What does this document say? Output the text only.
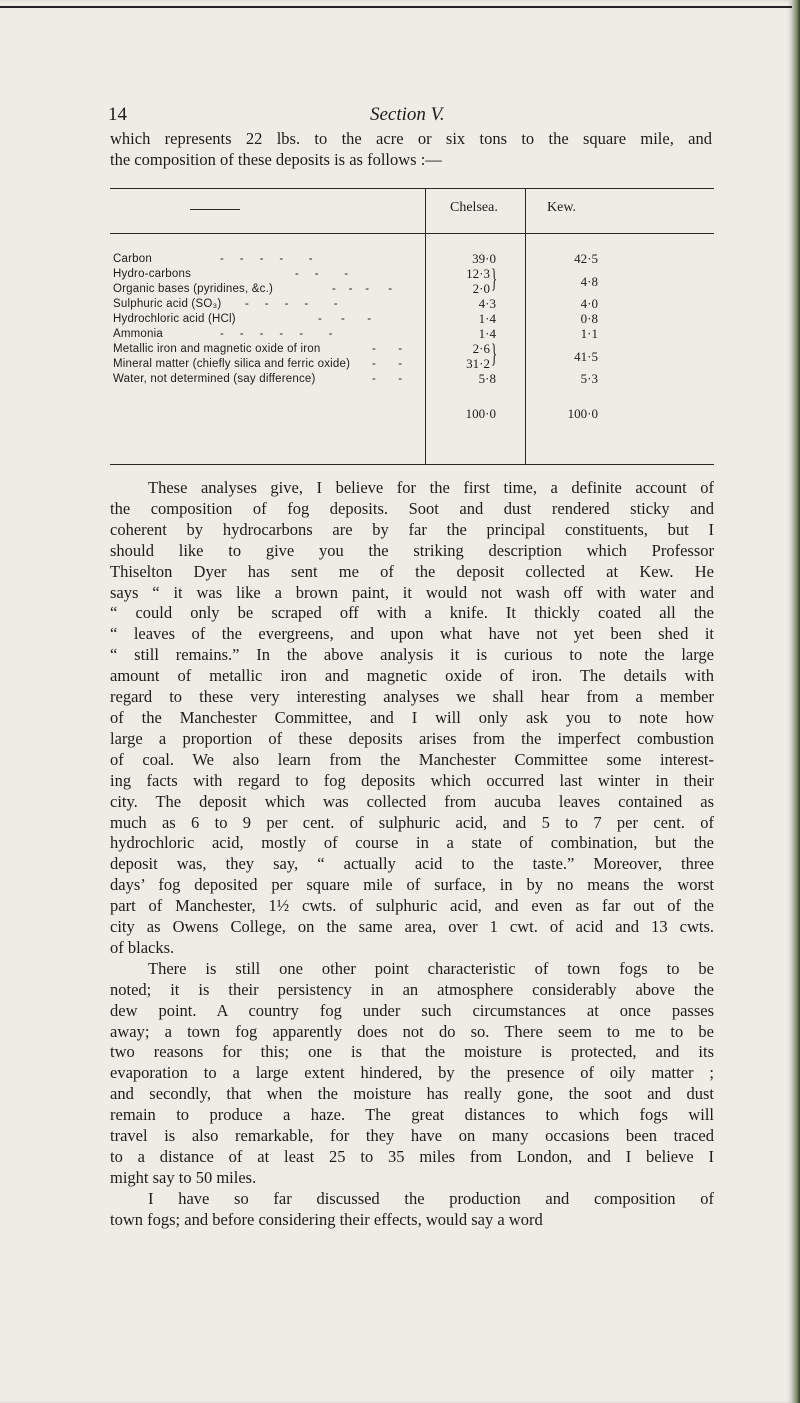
14	Section V.
which represents 22 lbs. to the acre or six tons to the square mile, and
the composition of these deposits is as follows :—
Chelsea.	Kew.
Carbon
Hydro-carbons
Organic bases (pyridines, &c.)
Sulphuric acid (SO₃)
Hydrochloric acid (HCl)
Ammonia
Metallic iron and magnetic oxide of iron
Mineral matter (chiefly silica and ferric oxide)
Water, not determined (say difference)
-     -     -     -        -
-     -        -
-    -    -      -
-     -     -     -        -
-      -       -
-     -     -     -     -        -
-       -
-       -
-       -
39·0
12·3
2·0 }
4·3
1·4
1·4
2·6
31·2 }
5·8
100·0
42·5
4·8
4·0
0·8
1·1
41·5
5·3
100·0

These analyses give, I believe for the first time, a definite account of
the composition of fog deposits. Soot and dust rendered sticky and
coherent by hydrocarbons are by far the principal constituents, but I
should like to give you the striking description which Professor
Thiselton Dyer has sent me of the deposit collected at Kew. He
says “ it was like a brown paint, it would not wash off with water and
“ could only be scraped off with a knife. It thickly coated all the
“ leaves of the evergreens, and upon what have not yet been shed it
“ still remains.” In the above analysis it is curious to note the large
amount of metallic iron and magnetic oxide of iron. The details with
regard to these very interesting analyses we shall hear from a member
of the Manchester Committee, and I will only ask you to note how
large a proportion of these deposits arises from the imperfect combustion
of coal. We also learn from the Manchester Committee some interest-
ing facts with regard to fog deposits which occurred last winter in their
city. The deposit which was collected from aucuba leaves contained as
much as 6 to 9 per cent. of sulphuric acid, and 5 to 7 per cent. of
hydrochloric acid, mostly of course in a state of combination, but the
deposit was, they say, “ actually acid to the taste.” Moreover, three
days’ fog deposited per square mile of surface, in by no means the worst
part of Manchester, 1½ cwts. of sulphuric acid, and even as far out of the
city as Owens College, on the same area, over 1 cwt. of acid and 13 cwts.
of blacks.

There is still one other point characteristic of town fogs to be
noted; it is their persistency in an atmosphere considerably above the
dew point. A country fog under such circumstances at once passes
away; a town fog apparently does not do so. There seem to me to be
two reasons for this; one is that the moisture is protected, and its
evaporation to a large extent hindered, by the presence of oily matter ;
and secondly, that when the moisture has really gone, the soot and dust
remain to produce a haze. The great distances to which fogs will
travel is also remarkable, for they have on many occasions been traced
to a distance of at least 25 to 35 miles from London, and I believe I
might say to 50 miles.

I have so far discussed the production and composition of
town fogs; and before considering their effects, would say a word
